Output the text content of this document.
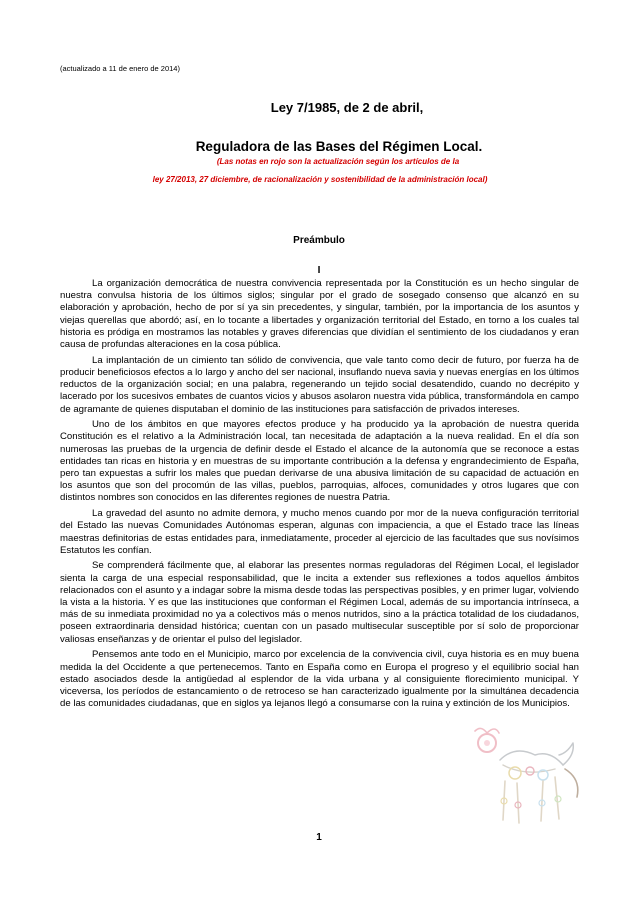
(actualizado a 11 de enero de 2014)
Ley 7/1985, de 2 de abril,
Reguladora de las Bases del Régimen Local.
(Las notas en rojo son la actualización según los artículos de la
ley 27/2013, 27 diciembre, de racionalización y sostenibilidad de la administración local)
Preámbulo
I

La organización democrática de nuestra convivencia representada por la Constitución es un hecho singular de nuestra convulsa historia de los últimos siglos; singular por el grado de sosegado consenso que alcanzó en su elaboración y aprobación, hecho de por sí ya sin precedentes, y singular, también, por la importancia de los asuntos y viejas querellas que abordó; así, en lo tocante a libertades y organización territorial del Estado, en torno a los cuales tal historia es pródiga en mostramos las notables y graves diferencias que dividían el sentimiento de los ciudadanos y eran causa de profundas alteraciones en la cosa pública.

La implantación de un cimiento tan sólido de convivencia, que vale tanto como decir de futuro, por fuerza ha de producir beneficiosos efectos a lo largo y ancho del ser nacional, insuflando nueva savia y nuevas energías en los últimos reductos de la organización social; en una palabra, regenerando un tejido social desatendido, cuando no decrépito y lacerado por los sucesivos embates de cuantos vicios y abusos asolaron nuestra vida pública, transformándola en campo de agramante de quienes disputaban el dominio de las instituciones para satisfacción de privados intereses.

Uno de los ámbitos en que mayores efectos produce y ha producido ya la aprobación de nuestra querida Constitución es el relativo a la Administración local, tan necesitada de adaptación a la nueva realidad. En el día son numerosas las pruebas de la urgencia de definir desde el Estado el alcance de la autonomía que se reconoce a estas entidades tan ricas en historia y en muestras de su importante contribución a la defensa y engrandecimiento de España, pero tan expuestas a sufrir los males que puedan derivarse de una abusiva limitación de su capacidad de actuación en los asuntos que son del procomún de las villas, pueblos, parroquias, alfoces, comunidades y otros lugares que con distintos nombres son conocidos en las diferentes regiones de nuestra Patria.

La gravedad del asunto no admite demora, y mucho menos cuando por mor de la nueva configuración territorial del Estado las nuevas Comunidades Autónomas esperan, algunas con impaciencia, a que el Estado trace las líneas maestras definitorias de estas entidades para, inmediatamente, proceder al ejercicio de las facultades que sus novísimos Estatutos les confían.

Se comprenderá fácilmente que, al elaborar las presentes normas reguladoras del Régimen Local, el legislador sienta la carga de una especial responsabilidad, que le incita a extender sus reflexiones a todos aquellos ámbitos relacionados con el asunto y a indagar sobre la misma desde todas las perspectivas posibles, y en primer lugar, volviendo la vista a la historia. Y es que las instituciones que conforman el Régimen Local, además de su importancia intrínseca, a más de su inmediata proximidad no ya a colectivos más o menos nutridos, sino a la práctica totalidad de los ciudadanos, poseen extraordinaria densidad histórica; cuentan con un pasado multisecular susceptible por sí solo de proporcionar valiosas enseñanzas y de orientar el pulso del legislador.

Pensemos ante todo en el Municipio, marco por excelencia de la convivencia civil, cuya historia es en muy buena medida la del Occidente a que pertenecemos. Tanto en España como en Europa el progreso y el equilibrio social han estado asociados desde la antigüedad al esplendor de la vida urbana y al consiguiente florecimiento municipal. Y viceversa, los períodos de estancamiento o de retroceso se han caracterizado igualmente por la simultánea decadencia de las comunidades ciudadanas, que en siglos ya lejanos llegó a consumarse con la ruina y extinción de los Municipios.

1
